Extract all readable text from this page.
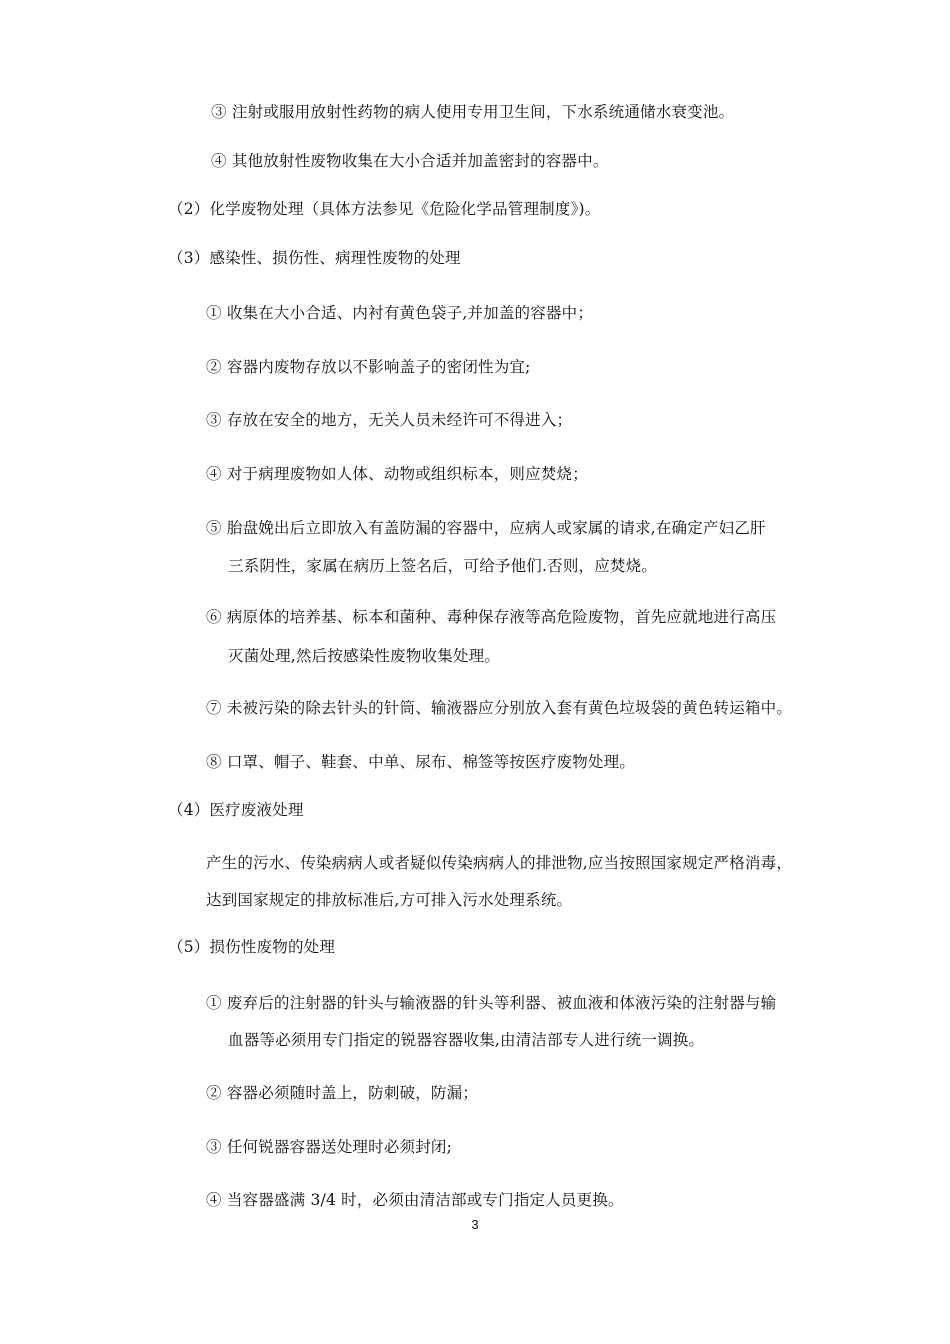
③ 注射或服用放射性药物的病人使用专用卫生间，下水系统通储水衰变池。
④ 其他放射性废物收集在大小合适并加盖密封的容器中。
（2）化学废物处理（具体方法参见《危险化学品管理制度》)。
（3）感染性、损伤性、病理性废物的处理
① 收集在大小合适、内衬有黄色袋子,并加盖的容器中；
② 容器内废物存放以不影响盖子的密闭性为宜;
③ 存放在安全的地方，无关人员未经许可不得进入；
④ 对于病理废物如人体、动物或组织标本，则应焚烧；
⑤ 胎盘娩出后立即放入有盖防漏的容器中，应病人或家属的请求,在确定产妇乙肝
三系阴性，家属在病历上签名后，可给予他们.否则，应焚烧。
⑥ 病原体的培养基、标本和菌种、毒种保存液等高危险废物，首先应就地进行高压
灭菌处理,然后按感染性废物收集处理。
⑦ 未被污染的除去针头的针筒、输液器应分别放入套有黄色垃圾袋的黄色转运箱中。
⑧ 口罩、帽子、鞋套、中单、尿布、棉签等按医疗废物处理。
（4）医疗废液处理
产生的污水、传染病病人或者疑似传染病病人的排泄物,应当按照国家规定严格消毒，
达到国家规定的排放标准后,方可排入污水处理系统。
（5）损伤性废物的处理
① 废弃后的注射器的针头与输液器的针头等利器、被血液和体液污染的注射器与输
血器等必须用专门指定的锐器容器收集,由清洁部专人进行统一调换。
② 容器必须随时盖上，防刺破，防漏；
③ 任何锐器容器送处理时必须封闭;
④ 当容器盛满 3/4 时，必须由清洁部或专门指定人员更换。
3
